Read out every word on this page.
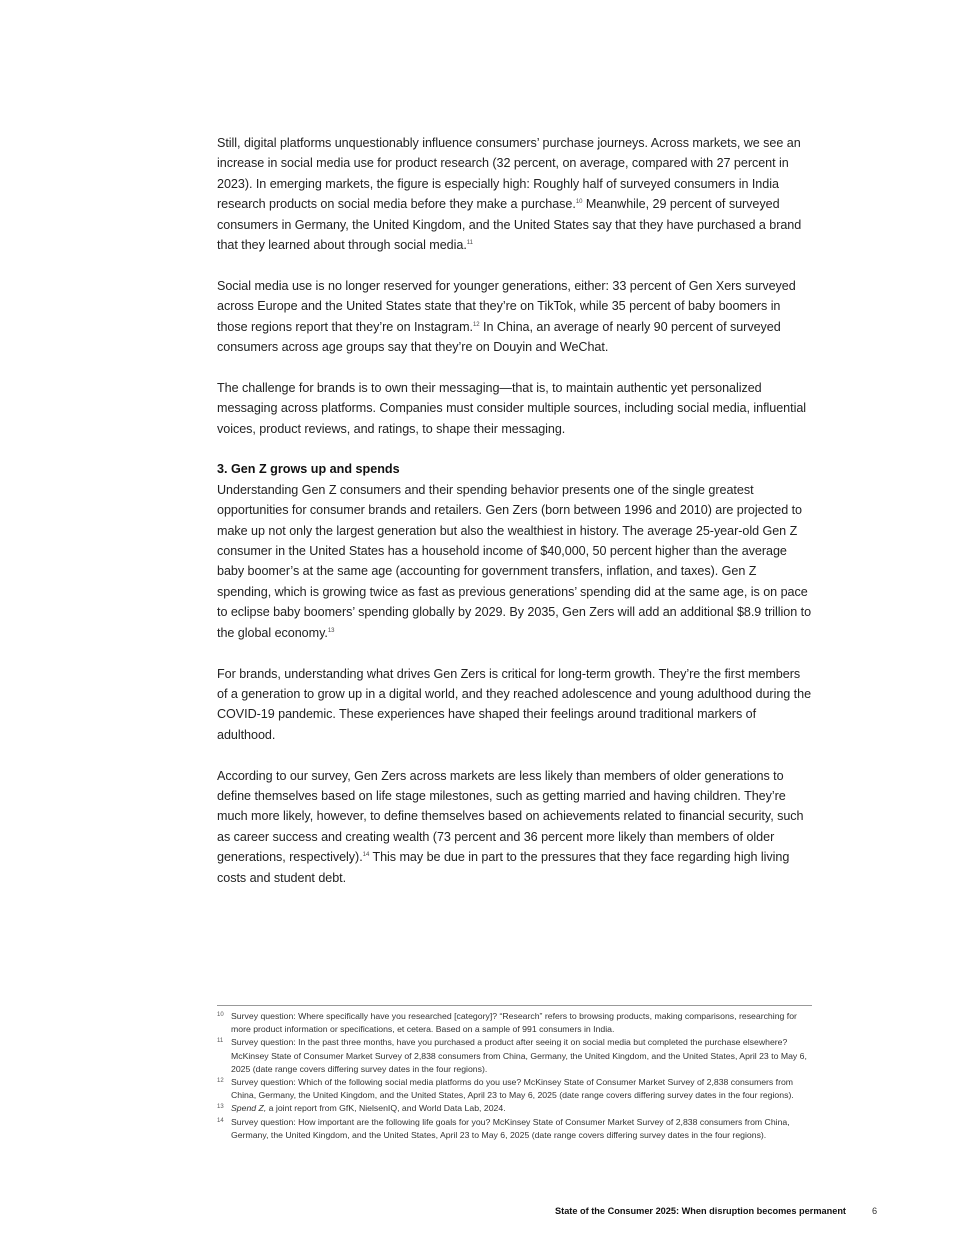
Still, digital platforms unquestionably influence consumers’ purchase journeys. Across markets, we see an increase in social media use for product research (32 percent, on average, compared with 27 percent in 2023). In emerging markets, the figure is especially high: Roughly half of surveyed consumers in India research products on social media before they make a purchase.$^{10}$ Meanwhile, 29 percent of surveyed consumers in Germany, the United Kingdom, and the United States say that they have purchased a brand that they learned about through social media.$^{11}$

Social media use is no longer reserved for younger generations, either: 33 percent of Gen Xers surveyed across Europe and the United States state that they’re on TikTok, while 35 percent of baby boomers in those regions report that they’re on Instagram.$^{12}$ In China, an average of nearly 90 percent of surveyed consumers across age groups say that they’re on Douyin and WeChat.

The challenge for brands is to own their messaging—that is, to maintain authentic yet personalized messaging across platforms. Companies must consider multiple sources, including social media, influential voices, product reviews, and ratings, to shape their messaging.

3. Gen Z grows up and spends

Understanding Gen Z consumers and their spending behavior presents one of the single greatest opportunities for consumer brands and retailers. Gen Zers (born between 1996 and 2010) are projected to make up not only the largest generation but also the wealthiest in history. The average 25-year-old Gen Z consumer in the United States has a household income of $40,000, 50 percent higher than the average baby boomer’s at the same age (accounting for government transfers, inflation, and taxes). Gen Z spending, which is growing twice as fast as previous generations’ spending did at the same age, is on pace to eclipse baby boomers’ spending globally by 2029. By 2035, Gen Zers will add an additional $8.9 trillion to the global economy.$^{13}$

For brands, understanding what drives Gen Zers is critical for long-term growth. They’re the first members of a generation to grow up in a digital world, and they reached adolescence and young adulthood during the COVID-19 pandemic. These experiences have shaped their feelings around traditional markers of adulthood.

According to our survey, Gen Zers across markets are less likely than members of older generations to define themselves based on life stage milestones, such as getting married and having children. They’re much more likely, however, to define themselves based on achievements related to financial security, such as career success and creating wealth (73 percent and 36 percent more likely than members of older generations, respectively).$^{14}$ This may be due in part to the pressures that they face regarding high living costs and student debt.

10 Survey question: Where specifically have you researched [category]? “Research” refers to browsing products, making comparisons, researching for more product information or specifications, et cetera. Based on a sample of 991 consumers in India.
11 Survey question: In the past three months, have you purchased a product after seeing it on social media but completed the purchase elsewhere? McKinsey State of Consumer Market Survey of 2,838 consumers from China, Germany, the United Kingdom, and the United States, April 23 to May 6, 2025 (date range covers differing survey dates in the four regions).
12 Survey question: Which of the following social media platforms do you use? McKinsey State of Consumer Market Survey of 2,838 consumers from China, Germany, the United Kingdom, and the United States, April 23 to May 6, 2025 (date range covers differing survey dates in the four regions).
13 Spend Z, a joint report from GfK, NielsenIQ, and World Data Lab, 2024.
14 Survey question: How important are the following life goals for you? McKinsey State of Consumer Market Survey of 2,838 consumers from China, Germany, the United Kingdom, and the United States, April 23 to May 6, 2025 (date range covers differing survey dates in the four regions).
State of the Consumer 2025: When disruption becomes permanent	6
